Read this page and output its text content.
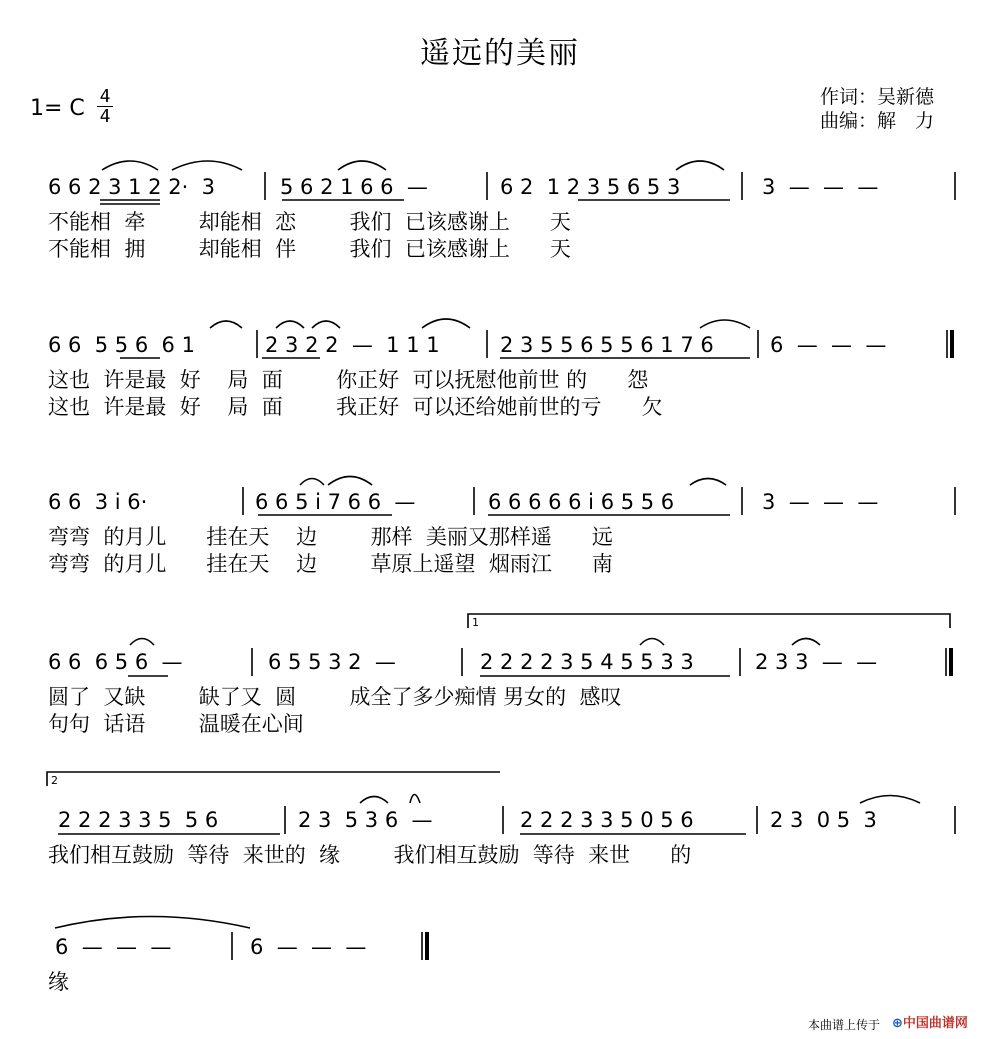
遥远的美丽
作词：吴新德
曲编：解　力
1= C 4
4
6 6 2 3 1 2 2·  3	5 6 2 1 6 6  —	6 2  1 2 3 5 6 5 3	3  —  —  —
不能相  牵        却能相  恋        我们  已该感谢上      天
不能相  拥        却能相  伴        我们  已该感谢上      天
6 6  5 5 6  6 1	2 3 2 2  —  1 1 1	2 3 5 5 6 5 5 6 1 7 6	6  —  —  —
这也  许是最  好    局  面        你正好  可以抚慰他前世 的      怨
这也  许是最  好    局  面        我正好  可以还给她前世的亏      欠
6 6  3 i 6·	6 6 5 i 7 6 6  —	6 6 6 6 6 i 6 5 5 6	3  —  —  —
弯弯  的月儿      挂在天    边        那样  美丽又那样遥      远
弯弯  的月儿      挂在天    边        草原上遥望  烟雨江      南
6 6  6 5 6  —	6 5 5 3 2  —	2 2 2 2 3 5 4 5 5 3 3	2 3 3  —  —
圆了  又缺        缺了又  圆        成全了多少痴情 男女的  感叹
句句  话语        温暖在心间
2 2 2 3 3 5  5 6	2 3  5 3 6  —	2 2 2 3 3 5 0 5 6	2 3  0 5  3
我们相互鼓励  等待  来世的  缘        我们相互鼓励  等待  来世      的
6  —  —  —	6  —  —  —
缘
1
2
本曲谱上传于 ⊕中国曲谱网
